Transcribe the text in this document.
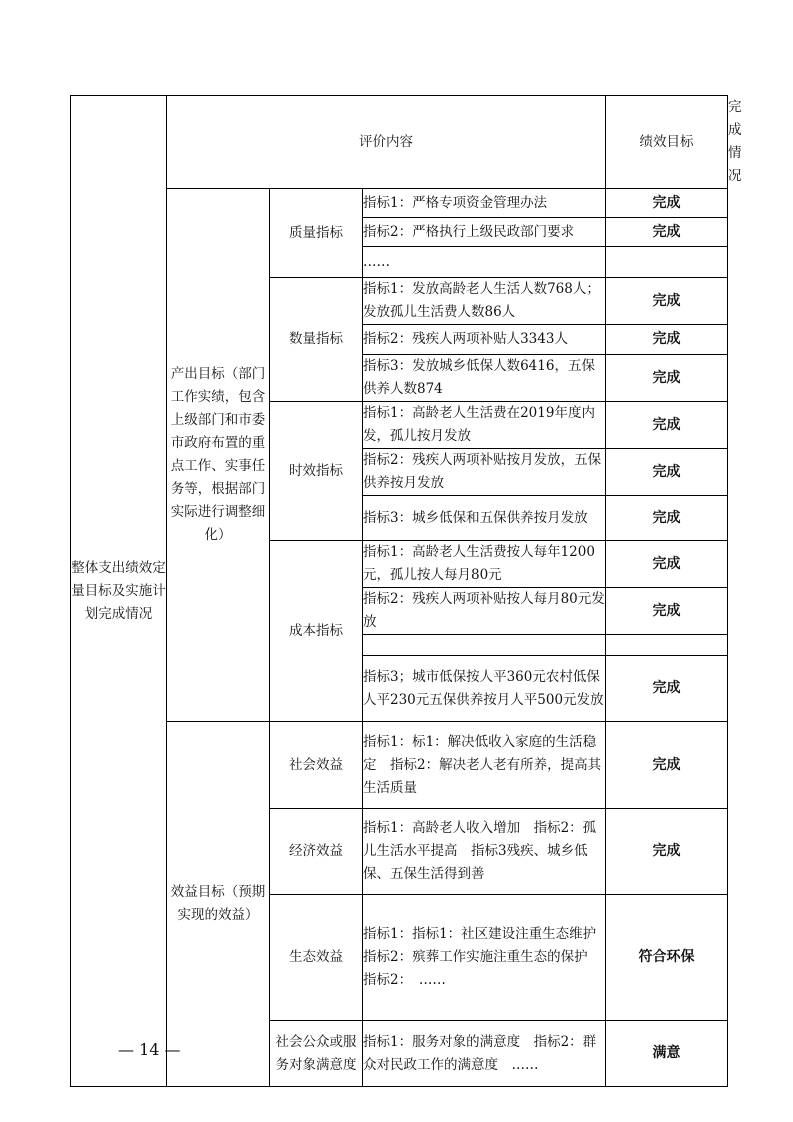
整体支出绩效定量目标及实施计划完成情况	评价内容			绩效目标	完成情况
	产出目标（部门工作实绩，包含上级部门和市委市政府布置的重点工作、实事任务等，根据部门实际进行调整细化）	质量指标	指标1：严格专项资金管理办法	完成	
			指标2：严格执行上级民政部门要求	完成	
			……		
		数量指标	指标1：发放高龄老人生活人数768人；发放孤儿生活费人数86人	完成	
			指标2：残疾人两项补贴人3343人	完成	
			指标3：发放城乡低保人数6416，五保供养人数874	完成	
		时效指标	指标1：高龄老人生活费在2019年度内发，孤儿按月发放	完成	
			指标2：残疾人两项补贴按月发放，五保供养按月发放	完成	
			指标3：城乡低保和五保供养按月发放	完成	
		成本指标	指标1：高龄老人生活费按人每年1200元，孤儿按人每月80元	完成	
			指标2：残疾人两项补贴按人每月80元发放	完成	

			指标3；城市低保按人平360元农村低保人平230元五保供养按月人平500元发放	完成	
	效益目标（预期实现的效益）	社会效益	指标1：标1：解决低收入家庭的生活稳定　指标2：解决老人老有所养，提高其生活质量	完成	
		经济效益	指标1：高龄老人收入增加　指标2：孤儿生活水平提高　指标3残疾、城乡低保、五保生活得到善	完成	
		生态效益	指标1：指标1：社区建设注重生态维护　指标2：殡葬工作实施注重生态的保护　指标2：　……	符合环保	
		社会公众或服务对象满意度	指标1：服务对象的满意度　指标2：群众对民政工作的满意度　……	满意	
— 14 —
